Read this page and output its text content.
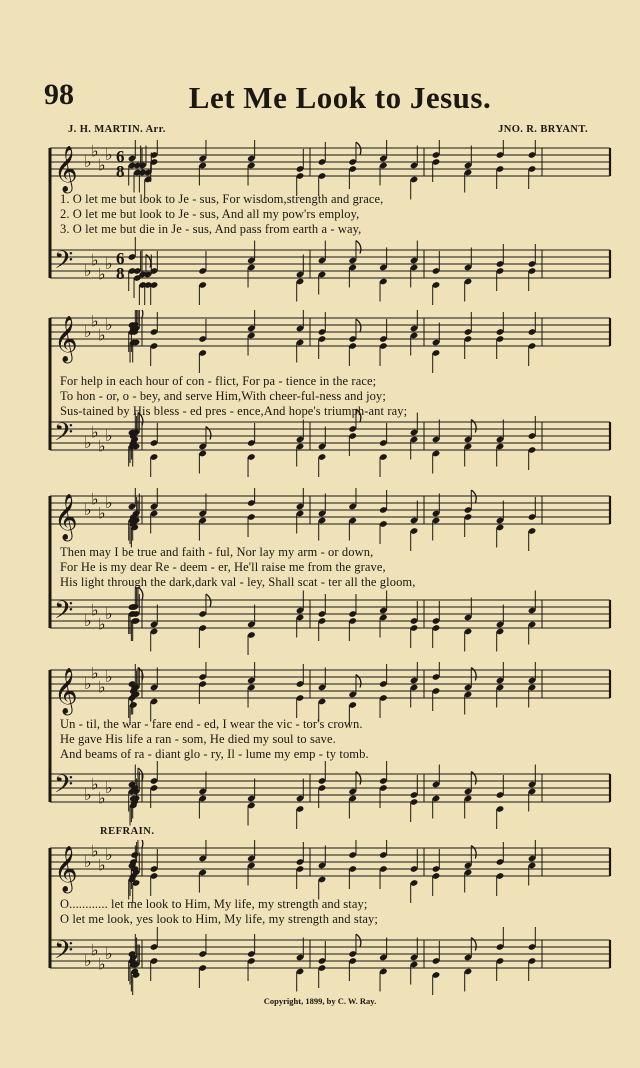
98	Let Me Look to Jesus.
J. H. MARTIN. Arr.	JNO. R. BRYANT.
𝄞 ♭
♭
♭
♭ 6
8
𝄢 ♭
♭
♭
♭ 6
8
1. O let me but look to Je - sus, For wisdom,strength and grace,
2. O let me but look to Je - sus, And all my pow'rs employ,
3. O let me but die in Je - sus, And pass from earth a - way,
𝄞 ♭
♭
♭
♭
𝄢 ♭
♭
♭
♭
For help in each hour of con - flict, For pa - tience in the race;
To hon - or, o - bey, and serve Him,With cheer-ful-ness and joy;
Sus-tained by His bless - ed pres - ence,And hope's triumph-ant ray;
𝄞 ♭
♭
♭
♭
𝄢 ♭
♭
♭
♭
Then may I be true and faith - ful, Nor lay my arm - or down,
For He is my dear Re - deem - er, He'll raise me from the grave,
His light through the dark,dark val - ley, Shall scat - ter all the gloom,
𝄞 ♭
♭
♭
♭
𝄢 ♭
♭
♭
♭
Un - til, the war - fare end - ed, I wear the vic - tor's crown.
He gave His life a ran - som, He died my soul to save.
And beams of ra - diant glo - ry, Il - lume my emp - ty tomb.
REFRAIN.
𝄞 ♭
♭
♭
♭
𝄢 ♭
♭
♭
♭
O............ let me look to Him, My life, my strength and stay;
O let me look, yes look to Him, My life, my strength and stay;
Copyright, 1899, by C. W. Ray.
